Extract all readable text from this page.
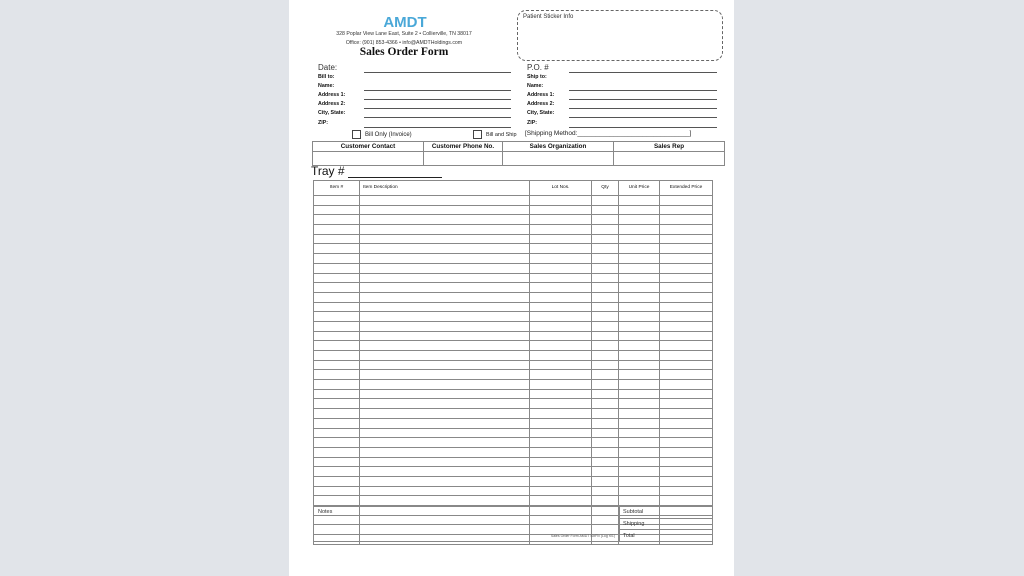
AMDT
328 Poplar View Lane East, Suite 2 • Collierville, TN 38017
Office: (901) 853-4366 • info@AMDTHoldings.com
Sales Order Form
Patient Sticker Info
Date:
Bill to:
Name:
Address 1:
Address 2:
City, State:
ZIP:
P.O. #
Ship to:
Name:
Address 1:
Address 2:
City, State:
ZIP:
Bill Only (Invoice)	Bill and Ship [Shipping Method:_______________________________]
Customer Contact	Customer Phone No.	Sales Organization	Sales Rep

Tray #
Item #	Item Description	Lot Nos.	Qty	Unit Price	Extended Price

Notes
Sales Order Form AMDT SixFix (Log r01)
Subtotal	
Shipping	
Total	
